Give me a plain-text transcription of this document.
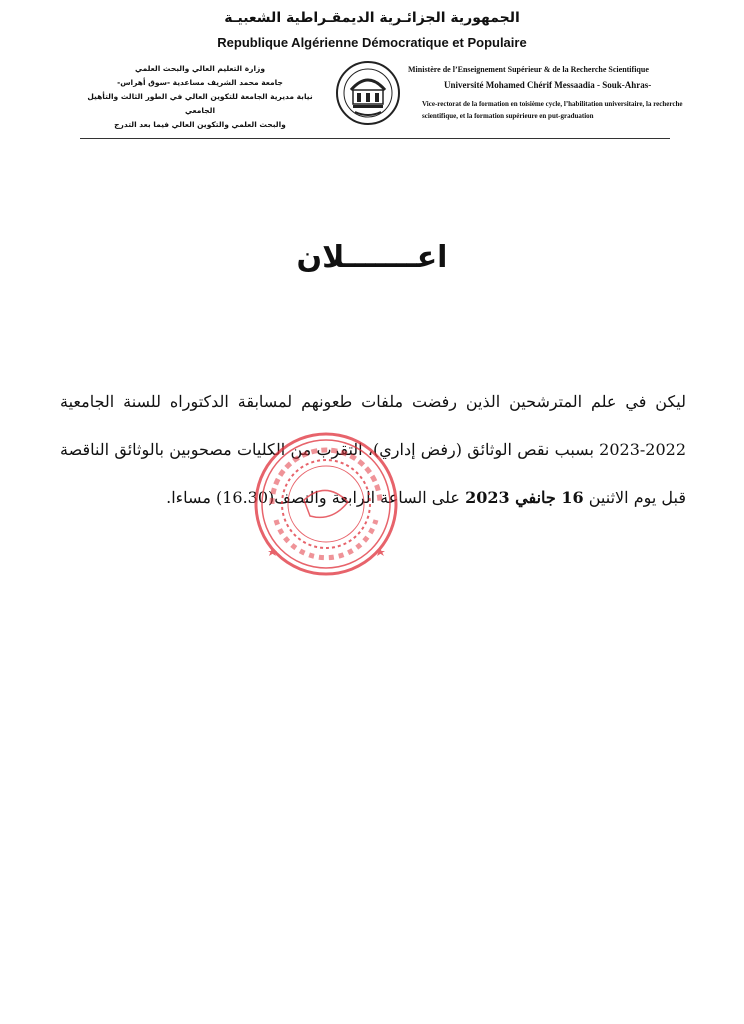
الجمهورية الجزائـرية الديمقـراطية الشعبيـة
Republique Algérienne Démocratique et Populaire
وزارة التعليم العالي والبحث العلمي
جامعة محمد الشريف مساعدية -سوق أهراس-
نيابة مديرية الجامعة للتكوين العالي في الطور الثالث والتأهيل الجامعي
والبحث العلمي والتكوين العالي فيما بعد التدرج
Ministère de l’Enseignement Supérieur & de la Recherche Scientifique
Université Mohamed Chérif Messaadia - Souk-Ahras-
Vice-rectorat de la formation en toisième cycle, l’habilitation universitaire, la recherche scientifique, et la formation supérieure en put-graduation
اعـــــــلان
ليكن في علم المترشحين الذين رفضت ملفات طعونهم لمسابقة الدكتوراه للسنة الجامعية 2022-2023 بسبب نقص الوثائق (رفض إداري)، التقرب من الكليات مصحوبين بالوثائق الناقصة قبل يوم الاثنين 16 جانفي 2023 على الساعة الرابعة والنصف(16.30) مساءا.
